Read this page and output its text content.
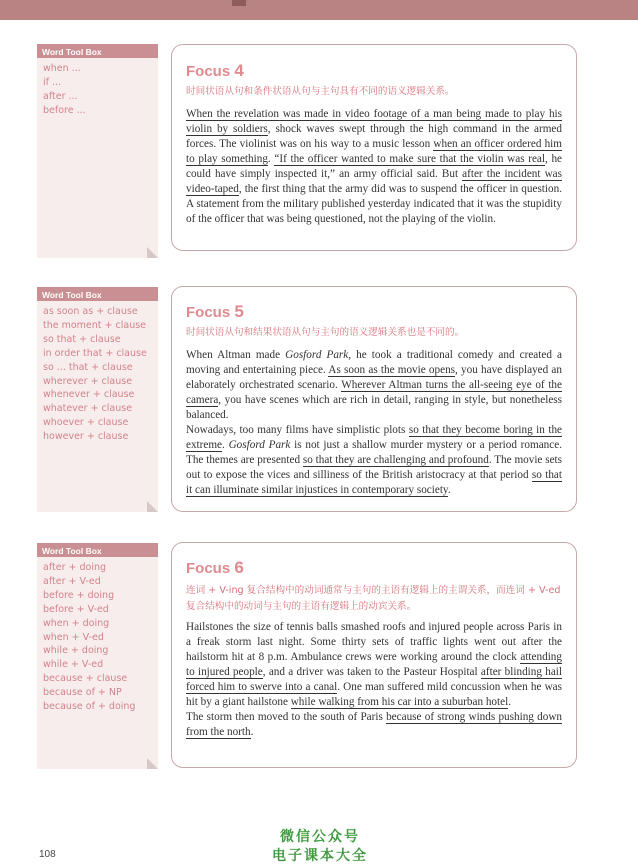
Word Tool Box
when ...
if ...
after ...
before ...
Focus 4
时间状语从句和条件状语从句与主句具有不同的语义逻辑关系。

When the revelation was made in video footage of a man being made to play his violin by soldiers, shock waves swept through the high command in the armed forces. The violinist was on his way to a music lesson when an officer ordered him to play something. “If the officer wanted to make sure that the violin was real, he could have simply inspected it,” an army official said. But after the incident was video-taped, the first thing that the army did was to suspend the officer in question. A statement from the military published yesterday indicated that it was the stupidity of the officer that was being questioned, not the playing of the violin.

Word Tool Box
as soon as + clause
the moment + clause
so that + clause
in order that + clause
so ... that + clause
wherever + clause
whenever + clause
whatever + clause
whoever + clause
however + clause
Focus 5
时间状语从句和结果状语从句与主句的语义逻辑关系也是不同的。

When Altman made Gosford Park, he took a traditional comedy and created a moving and entertaining piece. As soon as the movie opens, you have displayed an elaborately orchestrated scenario. Wherever Altman turns the all-seeing eye of the camera, you have scenes which are rich in detail, ranging in style, but nonetheless balanced.

Nowadays, too many films have simplistic plots so that they become boring in the extreme. Gosford Park is not just a shallow murder mystery or a period romance. The themes are presented so that they are challenging and profound. The movie sets out to expose the vices and silliness of the British aristocracy at that period so that it can illuminate similar injustices in contemporary society.

Word Tool Box
after + doing
after + V-ed
before + doing
before + V-ed
when + doing
when + V-ed
while + doing
while + V-ed
because + clause
because of + NP
because of + doing
Focus 6
连词 + V-ing 复合结构中的动词通常与主句的主语有逻辑上的主谓关系，而连词 + V-ed 复合结构中的动词与主句的主语有逻辑上的动宾关系。

Hailstones the size of tennis balls smashed roofs and injured people across Paris in a freak storm last night. Some thirty sets of traffic lights went out after the hailstorm hit at 8 p.m. Ambulance crews were working around the clock attending to injured people, and a driver was taken to the Pasteur Hospital after blinding hail forced him to swerve into a canal. One man suffered mild concussion when he was hit by a giant hailstone while walking from his car into a suburban hotel.

The storm then moved to the south of Paris because of strong winds pushing down from the north.

108
微信公众号
电子课本大全
